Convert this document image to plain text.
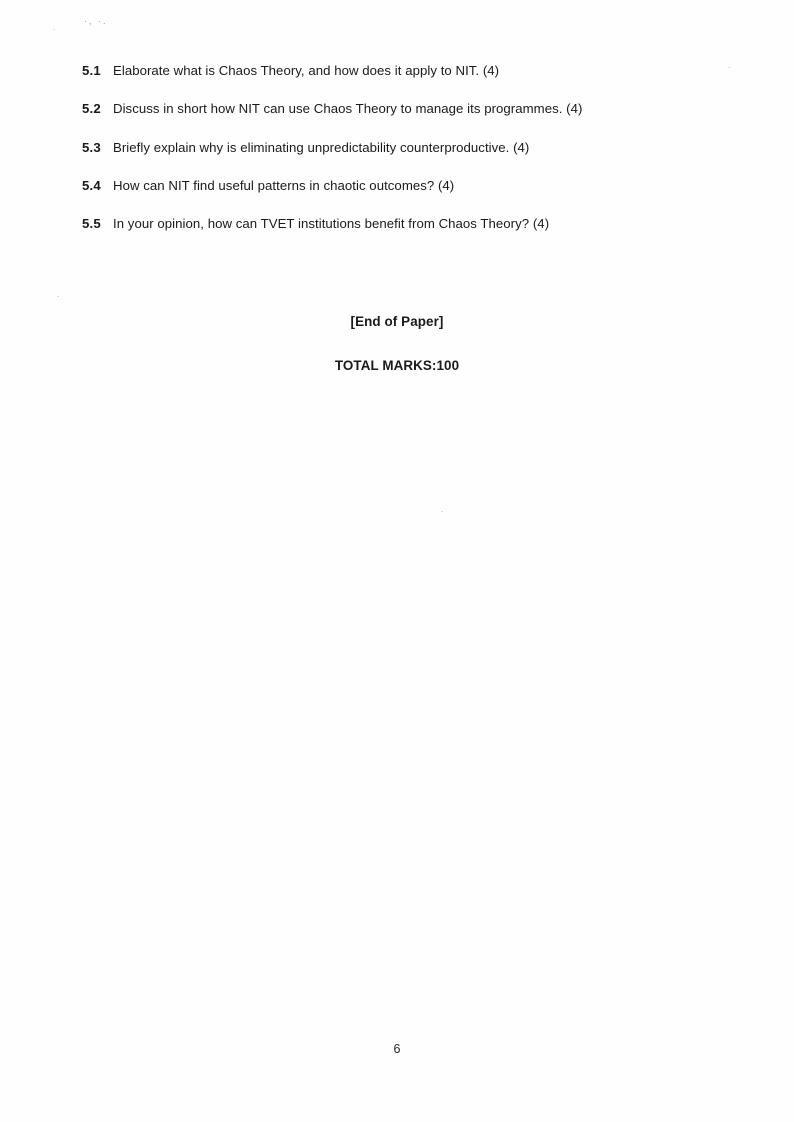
.
·, ·.
.
.
.
5.1 Elaborate what is Chaos Theory, and how does it apply to NIT. (4)
5.2 Discuss in short how NIT can use Chaos Theory to manage its programmes. (4)
5.3 Briefly explain why is eliminating unpredictability counterproductive. (4)
5.4 How can NIT find useful patterns in chaotic outcomes? (4)
5.5 In your opinion, how can TVET institutions benefit from Chaos Theory? (4)
[End of Paper]
TOTAL MARKS:100
6
